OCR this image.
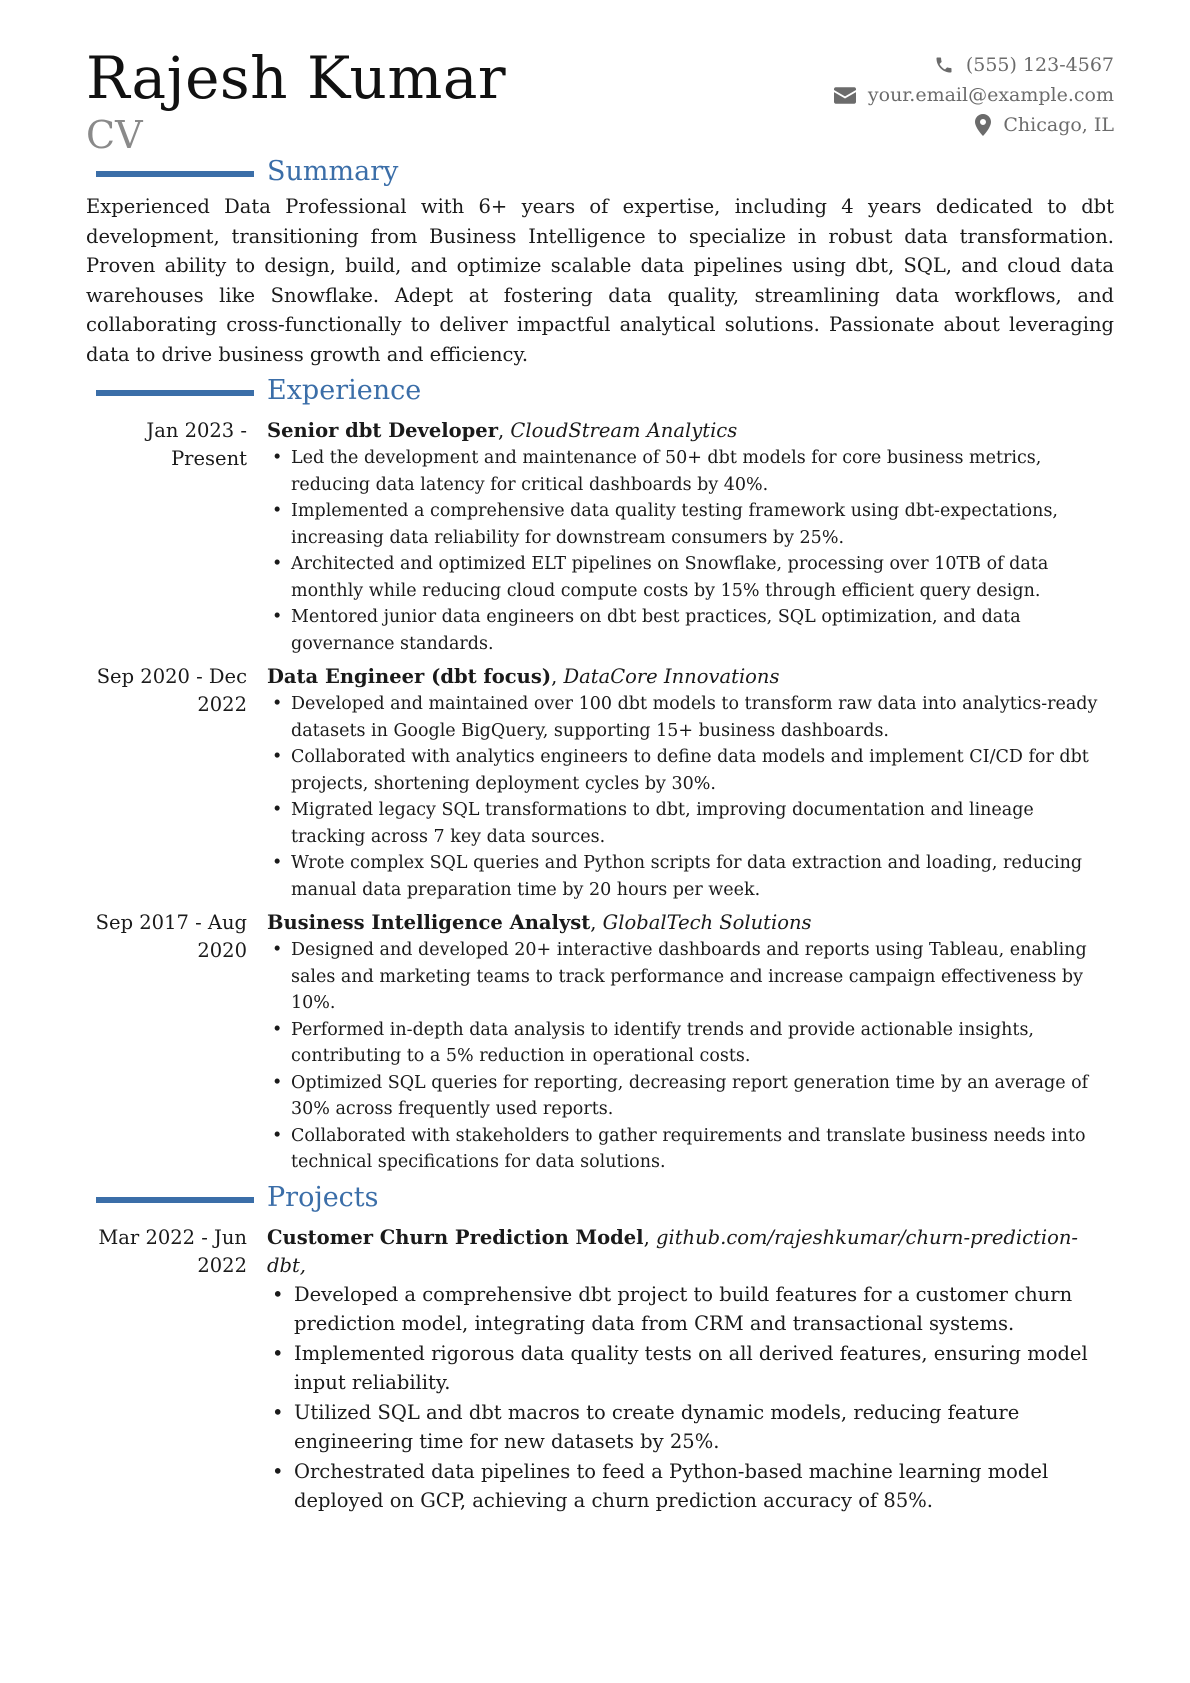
Rajesh Kumar
CV
(555) 123-4567
your.email@example.com
Chicago, IL
Summary

Experienced Data Professional with 6+ years of expertise, including 4 years dedicated to dbt development, transitioning from Business Intelligence to specialize in robust data transformation. Proven ability to design, build, and optimize scalable data pipelines using dbt, SQL, and cloud data warehouses like Snowflake. Adept at fostering data quality, streamlining data workflows, and collaborating cross-functionally to deliver impactful analytical solutions. Passionate about leveraging data to drive business growth and efficiency.

Experience
Jan 2023 - Present
Senior dbt Developer, CloudStream Analytics
• Led the development and maintenance of 50+ dbt models for core business metrics, reducing data latency for critical dashboards by 40%.
• Implemented a comprehensive data quality testing framework using dbt-expectations, increasing data reliability for downstream consumers by 25%.
• Architected and optimized ELT pipelines on Snowflake, processing over 10TB of data monthly while reducing cloud compute costs by 15% through efficient query design.
• Mentored junior data engineers on dbt best practices, SQL optimization, and data governance standards.
Sep 2020 - Dec 2022
Data Engineer (dbt focus), DataCore Innovations
• Developed and maintained over 100 dbt models to transform raw data into analytics-ready datasets in Google BigQuery, supporting 15+ business dashboards.
• Collaborated with analytics engineers to define data models and implement CI/CD for dbt projects, shortening deployment cycles by 30%.
• Migrated legacy SQL transformations to dbt, improving documentation and lineage tracking across 7 key data sources.
• Wrote complex SQL queries and Python scripts for data extraction and loading, reducing manual data preparation time by 20 hours per week.
Sep 2017 - Aug 2020
Business Intelligence Analyst, GlobalTech Solutions
• Designed and developed 20+ interactive dashboards and reports using Tableau, enabling sales and marketing teams to track performance and increase campaign effectiveness by 10%.
• Performed in-depth data analysis to identify trends and provide actionable insights, contributing to a 5% reduction in operational costs.
• Optimized SQL queries for reporting, decreasing report generation time by an average of 30% across frequently used reports.
• Collaborated with stakeholders to gather requirements and translate business needs into technical specifications for data solutions.
Projects
Mar 2022 - Jun 2022
Customer Churn Prediction Model, github.com/rajeshkumar/churn-prediction-dbt,
• Developed a comprehensive dbt project to build features for a customer churn prediction model, integrating data from CRM and transactional systems.
• Implemented rigorous data quality tests on all derived features, ensuring model input reliability.
• Utilized SQL and dbt macros to create dynamic models, reducing feature engineering time for new datasets by 25%.
• Orchestrated data pipelines to feed a Python-based machine learning model deployed on GCP, achieving a churn prediction accuracy of 85%.
